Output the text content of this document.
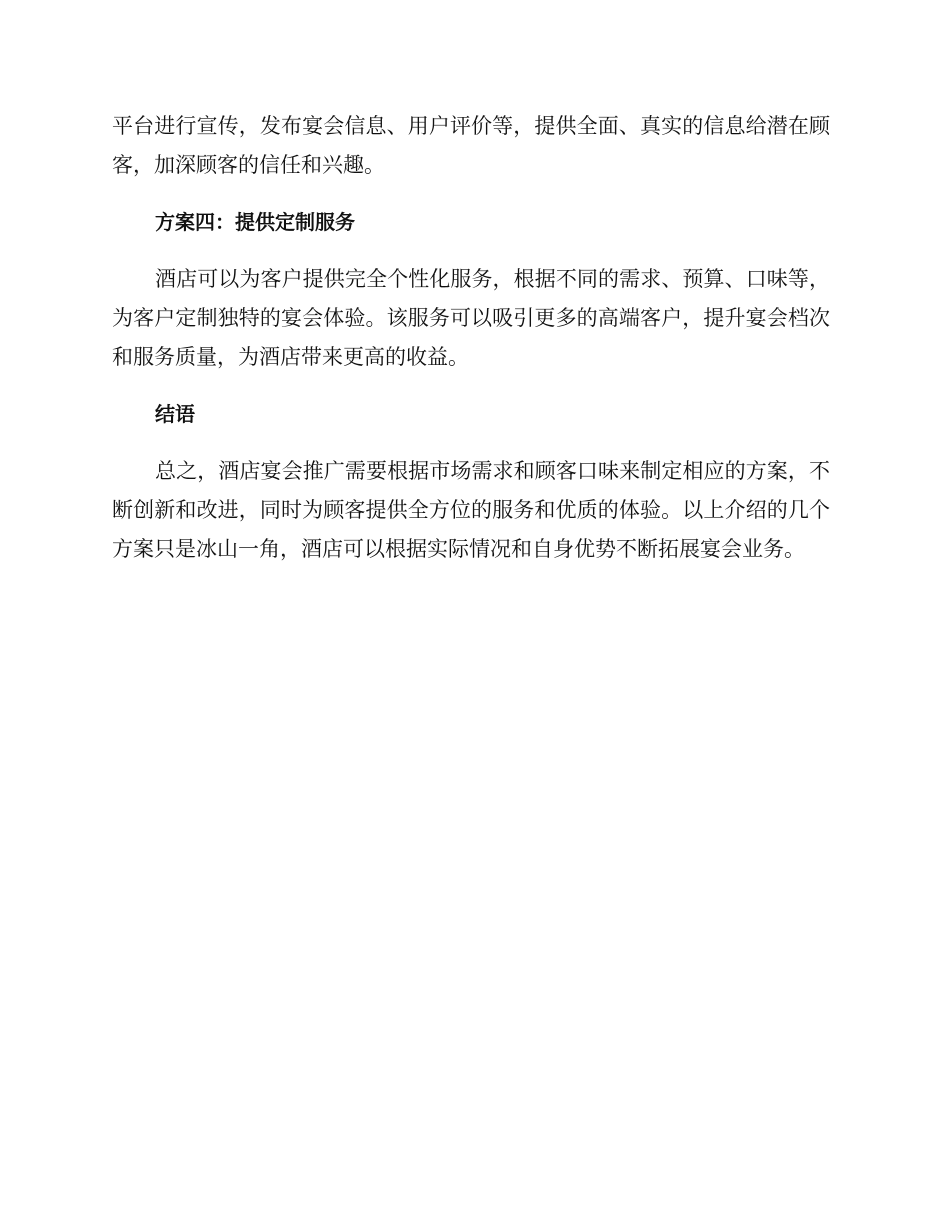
平台进行宣传，发布宴会信息、用户评价等，提供全面、真实的信息给潜在顾客，加深顾客的信任和兴趣。

方案四：提供定制服务

酒店可以为客户提供完全个性化服务，根据不同的需求、预算、口味等，为客户定制独特的宴会体验。该服务可以吸引更多的高端客户，提升宴会档次和服务质量，为酒店带来更高的收益。

结语

总之，酒店宴会推广需要根据市场需求和顾客口味来制定相应的方案，不断创新和改进，同时为顾客提供全方位的服务和优质的体验。以上介绍的几个方案只是冰山一角，酒店可以根据实际情况和自身优势不断拓展宴会业务。
